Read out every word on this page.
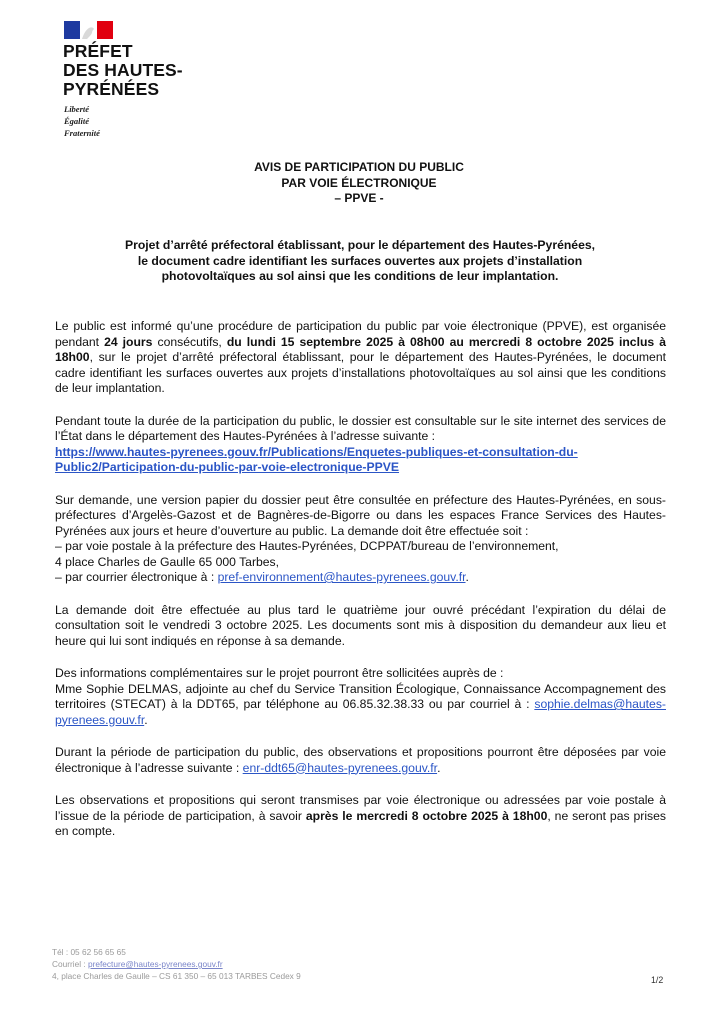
PRÉFET
DES HAUTES-
PYRÉNÉES
Liberté
Égalité
Fraternité
AVIS DE PARTICIPATION DU PUBLIC
PAR VOIE ÉLECTRONIQUE
– PPVE -
Projet d’arrêté préfectoral établissant, pour le département des Hautes-Pyrénées,
le document cadre identifiant les surfaces ouvertes aux projets d’installation
photovoltaïques au sol ainsi que les conditions de leur implantation.

Le public est informé qu’une procédure de participation du public par voie électronique (PPVE), est organisée pendant 24 jours consécutifs, du lundi 15 septembre 2025 à 08h00 au mercredi 8 octobre 2025 inclus à 18h00, sur le projet d’arrêté préfectoral établissant, pour le département des Hautes-Pyrénées, le document cadre identifiant les surfaces ouvertes aux projets d’installations photovoltaïques au sol ainsi que les conditions de leur implantation.

Pendant toute la durée de la participation du public, le dossier est consultable sur le site internet des services de l’État dans le département des Hautes-Pyrénées à l’adresse suivante :
https://www.hautes-pyrenees.gouv.fr/Publications/Enquetes-publiques-et-consultation-du-
Public2/Participation-du-public-par-voie-electronique-PPVE

Sur demande, une version papier du dossier peut être consultée en préfecture des Hautes-Pyrénées, en sous-préfectures d’Argelès-Gazost et de Bagnères-de-Bigorre ou dans les espaces France Services des Hautes-Pyrénées aux jours et heure d’ouverture au public. La demande doit être effectuée soit :
– par voie postale à la préfecture des Hautes-Pyrénées, DCPPAT/bureau de l’environnement,
4 place Charles de Gaulle 65 000 Tarbes,
– par courrier électronique à : pref-environnement@hautes-pyrenees.gouv.fr.

La demande doit être effectuée au plus tard le quatrième jour ouvré précédant l’expiration du délai de consultation soit le vendredi 3 octobre 2025. Les documents sont mis à disposition du demandeur aux lieu et heure qui lui sont indiqués en réponse à sa demande.

Des informations complémentaires sur le projet pourront être sollicitées auprès de :
Mme Sophie DELMAS, adjointe au chef du Service Transition Écologique, Connaissance Accompagnement des territoires (STECAT) à la DDT65, par téléphone au 06.85.32.38.33 ou par courriel à : sophie.delmas@hautes-pyrenees.gouv.fr.

Durant la période de participation du public, des observations et propositions pourront être déposées par voie électronique à l’adresse suivante : enr-ddt65@hautes-pyrenees.gouv.fr.

Les observations et propositions qui seront transmises par voie électronique ou adressées par voie postale à l’issue de la période de participation, à savoir après le mercredi 8 octobre 2025 à 18h00, ne seront pas prises en compte.

Tél : 05 62 56 65 65
Courriel : prefecture@hautes-pyrenees.gouv.fr
4, place Charles de Gaulle – CS 61 350 – 65 013 TARBES Cedex 9	1/2
